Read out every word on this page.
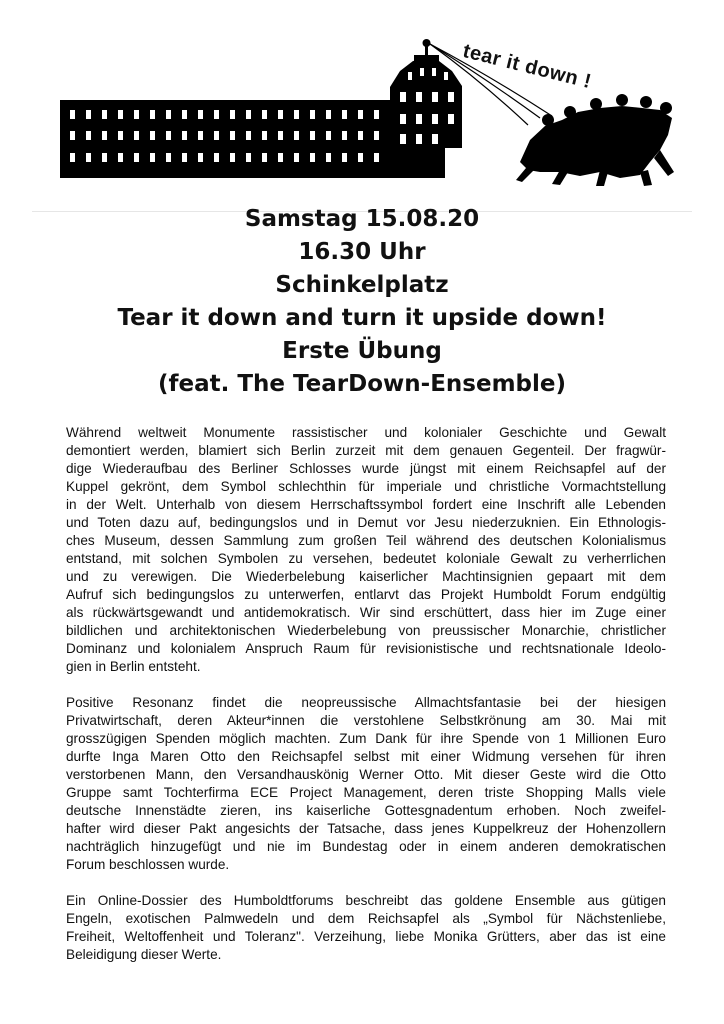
tear it down !
Samstag 15.08.20
16.30 Uhr
Schinkelplatz
Tear it down and turn it upside down!
Erste Übung
(feat. The TearDown-Ensemble)
Während weltweit Monumente rassistischer und kolonialer Geschichte und Gewalt
demontiert werden, blamiert sich Berlin zurzeit mit dem genauen Gegenteil. Der fragwür-
dige Wiederaufbau des Berliner Schlosses wurde jüngst mit einem Reichsapfel auf der
Kuppel gekrönt, dem Symbol schlechthin für imperiale und christliche Vormachtstellung
in der Welt. Unterhalb von diesem Herrschaftssymbol fordert eine Inschrift alle Lebenden
und Toten dazu auf, bedingungslos und in Demut vor Jesu niederzuknien. Ein Ethnologis-
ches Museum, dessen Sammlung zum großen Teil während des deutschen Kolonialismus
entstand, mit solchen Symbolen zu versehen, bedeutet koloniale Gewalt zu verherrlichen
und zu verewigen. Die Wiederbelebung kaiserlicher Machtinsignien gepaart mit dem
Aufruf sich bedingungslos zu unterwerfen, entlarvt das Projekt Humboldt Forum endgültig
als rückwärtsgewandt und antidemokratisch. Wir sind erschüttert, dass hier im Zuge einer
bildlichen und architektonischen Wiederbelebung von preussischer Monarchie, christlicher
Dominanz und kolonialem Anspruch Raum für revisionistische und rechtsnationale Ideolo-
gien in Berlin entsteht.
Positive Resonanz findet die neopreussische Allmachtsfantasie bei der hiesigen
Privatwirtschaft, deren Akteur*innen die verstohlene Selbstkrönung am 30. Mai mit
grosszügigen Spenden möglich machten. Zum Dank für ihre Spende von 1 Millionen Euro
durfte Inga Maren Otto den Reichsapfel selbst mit einer Widmung versehen für ihren
verstorbenen Mann, den Versandhauskönig Werner Otto. Mit dieser Geste wird die Otto
Gruppe samt Tochterfirma ECE Project Management, deren triste Shopping Malls viele
deutsche Innenstädte zieren, ins kaiserliche Gottesgnadentum erhoben. Noch zweifel-
hafter wird dieser Pakt angesichts der Tatsache, dass jenes Kuppelkreuz der Hohenzollern
nachträglich hinzugefügt und nie im Bundestag oder in einem anderen demokratischen
Forum beschlossen wurde.
Ein Online-Dossier des Humboldtforums beschreibt das goldene Ensemble aus gütigen
Engeln, exotischen Palmwedeln und dem Reichsapfel als „Symbol für Nächstenliebe,
Freiheit, Weltoffenheit und Toleranz". Verzeihung, liebe Monika Grütters, aber das ist eine
Beleidigung dieser Werte.
